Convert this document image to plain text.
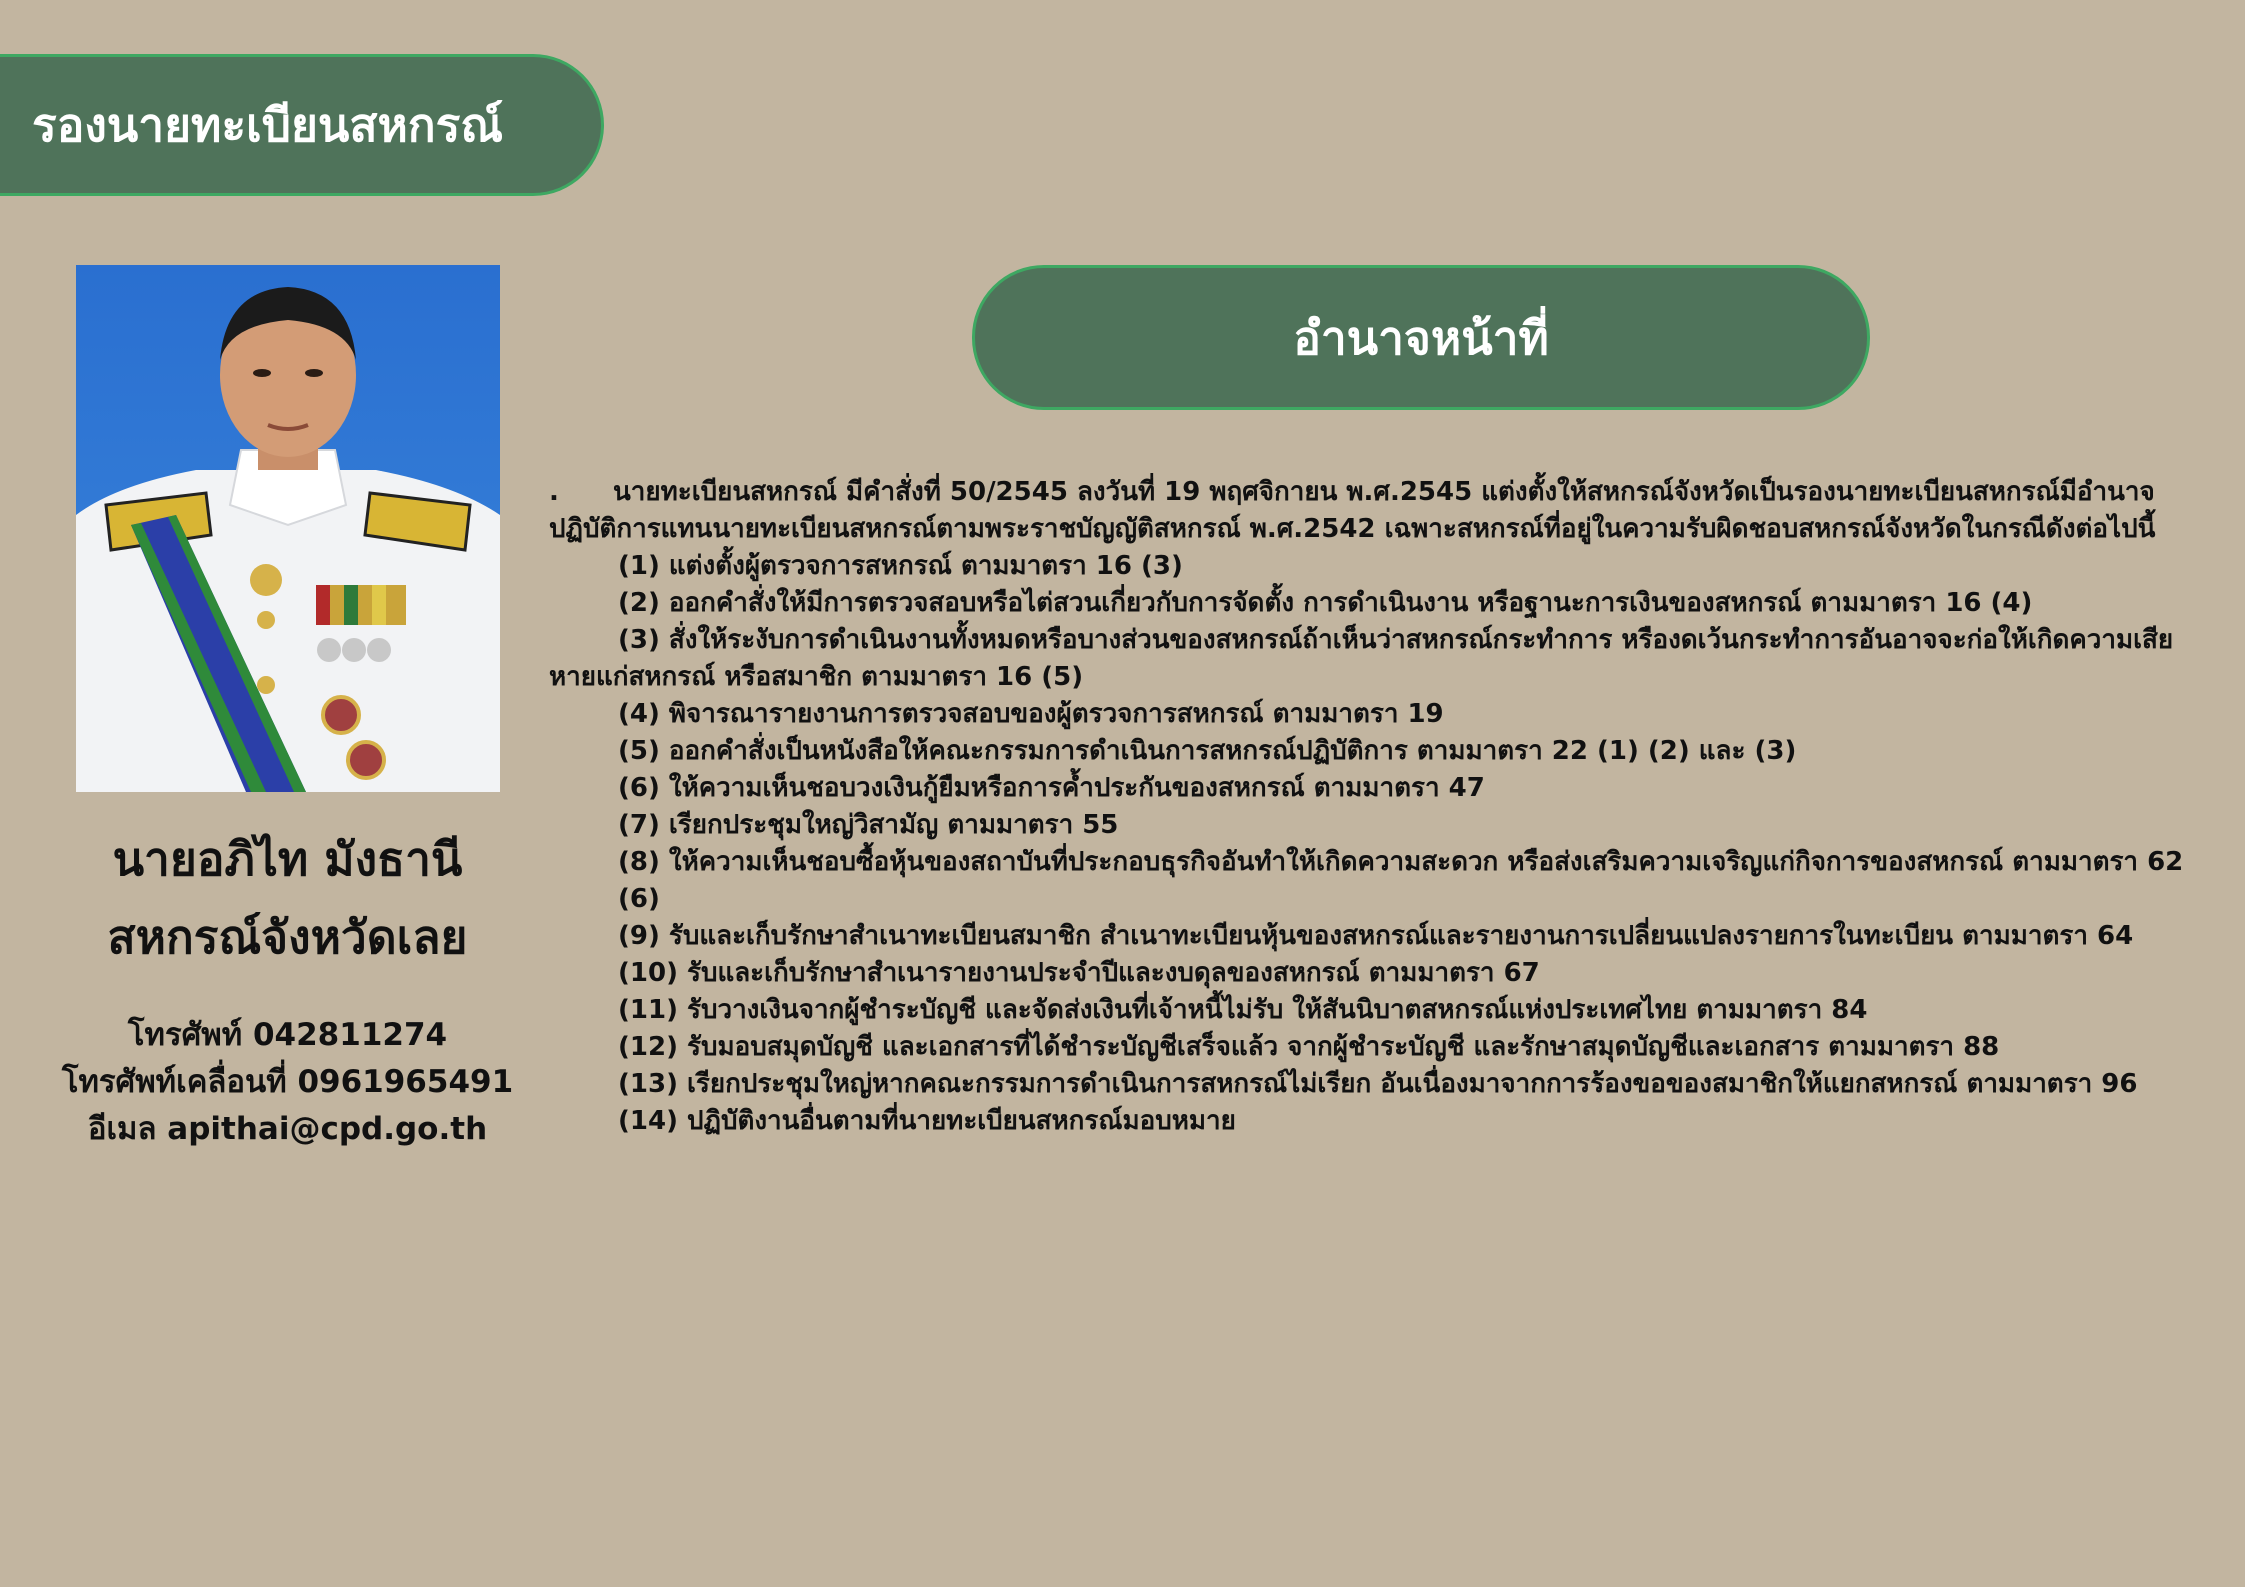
รองนายทะเบียนสหกรณ์
นายอภิไท มังธานี
สหกรณ์จังหวัดเลย
โทรศัพท์ 042811274
โทรศัพท์เคลื่อนที่ 0961965491
อีเมล apithai@cpd.go.th
อำนาจหน้าที่

. นายทะเบียนสหกรณ์ มีคำสั่งที่ 50/2545 ลงวันที่ 19 พฤศจิกายน พ.ศ.2545 แต่งตั้งให้สหกรณ์จังหวัดเป็นรองนายทะเบียนสหกรณ์มีอำนาจปฏิบัติการแทนนายทะเบียนสหกรณ์ตามพระราชบัญญัติสหกรณ์ พ.ศ.2542 เฉพาะสหกรณ์ที่อยู่ในความรับผิดชอบสหกรณ์จังหวัดในกรณีดังต่อไปนี้

(1) แต่งตั้งผู้ตรวจการสหกรณ์ ตามมาตรา 16 (3)

(2) ออกคำสั่งให้มีการตรวจสอบหรือไต่สวนเกี่ยวกับการจัดตั้ง การดำเนินงาน หรือฐานะการเงินของสหกรณ์ ตามมาตรา 16 (4)

(3) สั่งให้ระงับการดำเนินงานทั้งหมดหรือบางส่วนของสหกรณ์ถ้าเห็นว่าสหกรณ์กระทำการ หรืองดเว้นกระทำการอันอาจจะก่อให้เกิดความเสียหายแก่สหกรณ์ หรือสมาชิก ตามมาตรา 16 (5)

(4) พิจารณารายงานการตรวจสอบของผู้ตรวจการสหกรณ์ ตามมาตรา 19

(5) ออกคำสั่งเป็นหนังสือให้คณะกรรมการดำเนินการสหกรณ์ปฏิบัติการ ตามมาตรา 22 (1) (2) และ (3)

(6) ให้ความเห็นชอบวงเงินกู้ยืมหรือการค้ำประกันของสหกรณ์ ตามมาตรา 47

(7) เรียกประชุมใหญ่วิสามัญ ตามมาตรา 55

(8) ให้ความเห็นชอบซื้อหุ้นของสถาบันที่ประกอบธุรกิจอันทำให้เกิดความสะดวก หรือส่งเสริมความเจริญแก่กิจการของสหกรณ์ ตามมาตรา 62 (6)

(9) รับและเก็บรักษาสำเนาทะเบียนสมาชิก สำเนาทะเบียนหุ้นของสหกรณ์และรายงานการเปลี่ยนแปลงรายการในทะเบียน ตามมาตรา 64

(10) รับและเก็บรักษาสำเนารายงานประจำปีและงบดุลของสหกรณ์ ตามมาตรา 67

(11) รับวางเงินจากผู้ชำระบัญชี และจัดส่งเงินที่เจ้าหนี้ไม่รับ ให้สันนิบาตสหกรณ์แห่งประเทศไทย ตามมาตรา 84

(12) รับมอบสมุดบัญชี และเอกสารที่ได้ชำระบัญชีเสร็จแล้ว จากผู้ชำระบัญชี และรักษาสมุดบัญชีและเอกสาร ตามมาตรา 88

(13) เรียกประชุมใหญ่หากคณะกรรมการดำเนินการสหกรณ์ไม่เรียก อันเนื่องมาจากการร้องขอของสมาชิกให้แยกสหกรณ์ ตามมาตรา 96

(14) ปฏิบัติงานอื่นตามที่นายทะเบียนสหกรณ์มอบหมาย
